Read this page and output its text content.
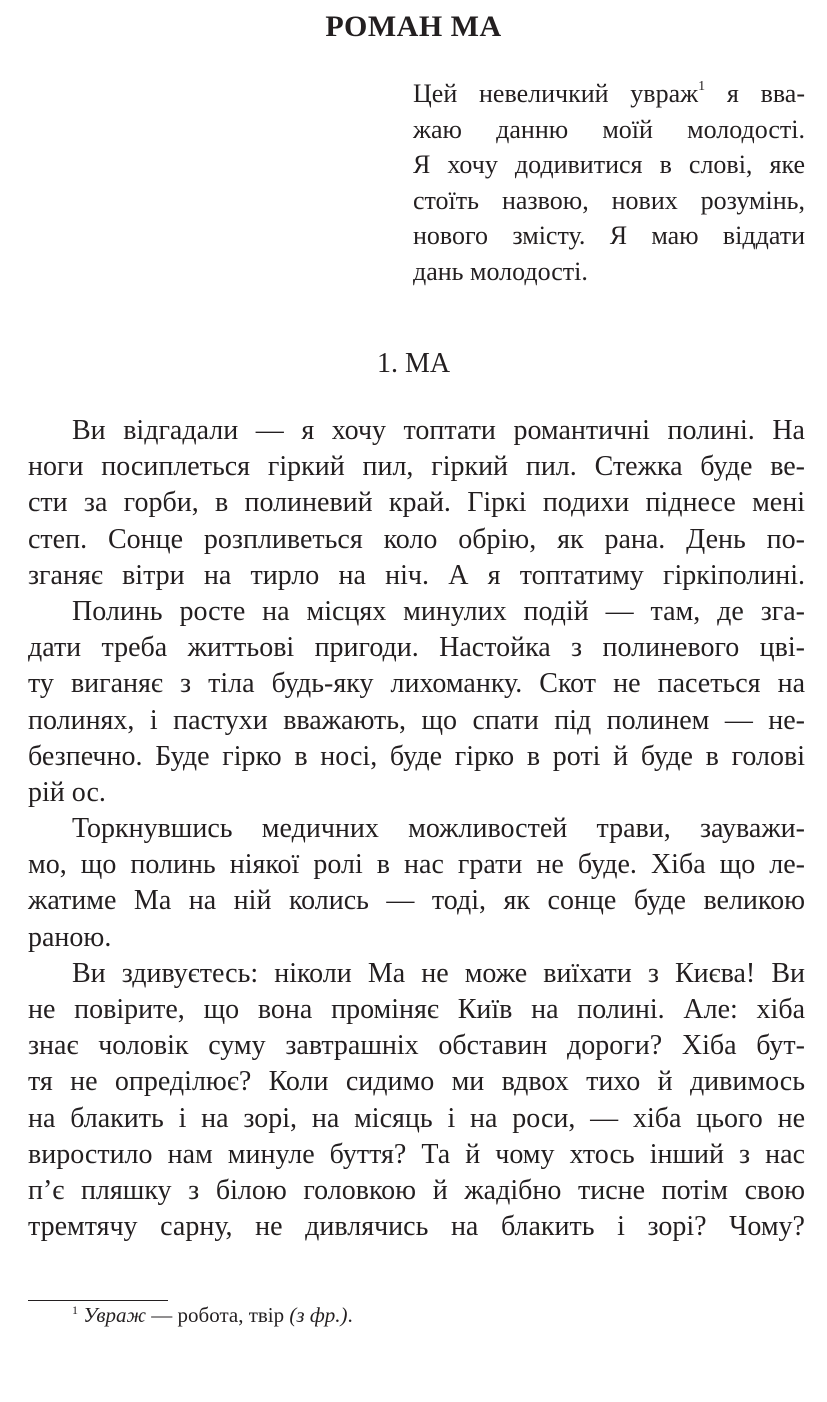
РОМАН МА
Цей невеличкий увраж$^1$ я вва-
жаю данню моїй молодості.
Я хочу додивитися в слові, яке
стоїть назвою, нових розумінь,
нового змісту. Я маю віддати
дань молодості.
1. МА
Ви відгадали — я хочу топтати романтичні полині. На
ноги посиплеться гіркий пил, гіркий пил. Стежка буде ве-
сти за горби, в полиневий край. Гіркі подихи піднесе мені
степ. Сонце розпливеться коло обрію, як рана. День по-
зганяє вітри на тирло на ніч. А я топтатиму гіркіполині.
Полинь росте на місцях минулих подій — там, де зга-
дати треба життьові пригоди. Настойка з полиневого цві-
ту виганяє з тіла будь-яку лихоманку. Скот не пасеться на
полинях, і пастухи вважають, що спати під полинем — не-
безпечно. Буде гірко в носі, буде гірко в роті й буде в голові
рій ос.
Торкнувшись медичних можливостей трави, зауважи-
мо, що полинь ніякої ролі в нас грати не буде. Хіба що ле-
жатиме Ма на ній колись — тоді, як сонце буде великою
раною.
Ви здивуєтесь: ніколи Ма не може виїхати з Києва! Ви
не повірите, що вона проміняє Київ на полині. Але: хіба
знає чоловік суму завтрашніх обставин дороги? Хіба бут-
тя не опреділює? Коли сидимо ми вдвох тихо й дивимось
на блакить і на зорі, на місяць і на роси, — хіба цього не
виростило нам минуле буття? Та й чому хтось інший з нас
п’є пляшку з білою головкою й жадібно тисне потім свою
тремтячу сарну, не дивлячись на блакить і зорі? Чому?
$^1$ Увраж — робота, твір (з фр.).
